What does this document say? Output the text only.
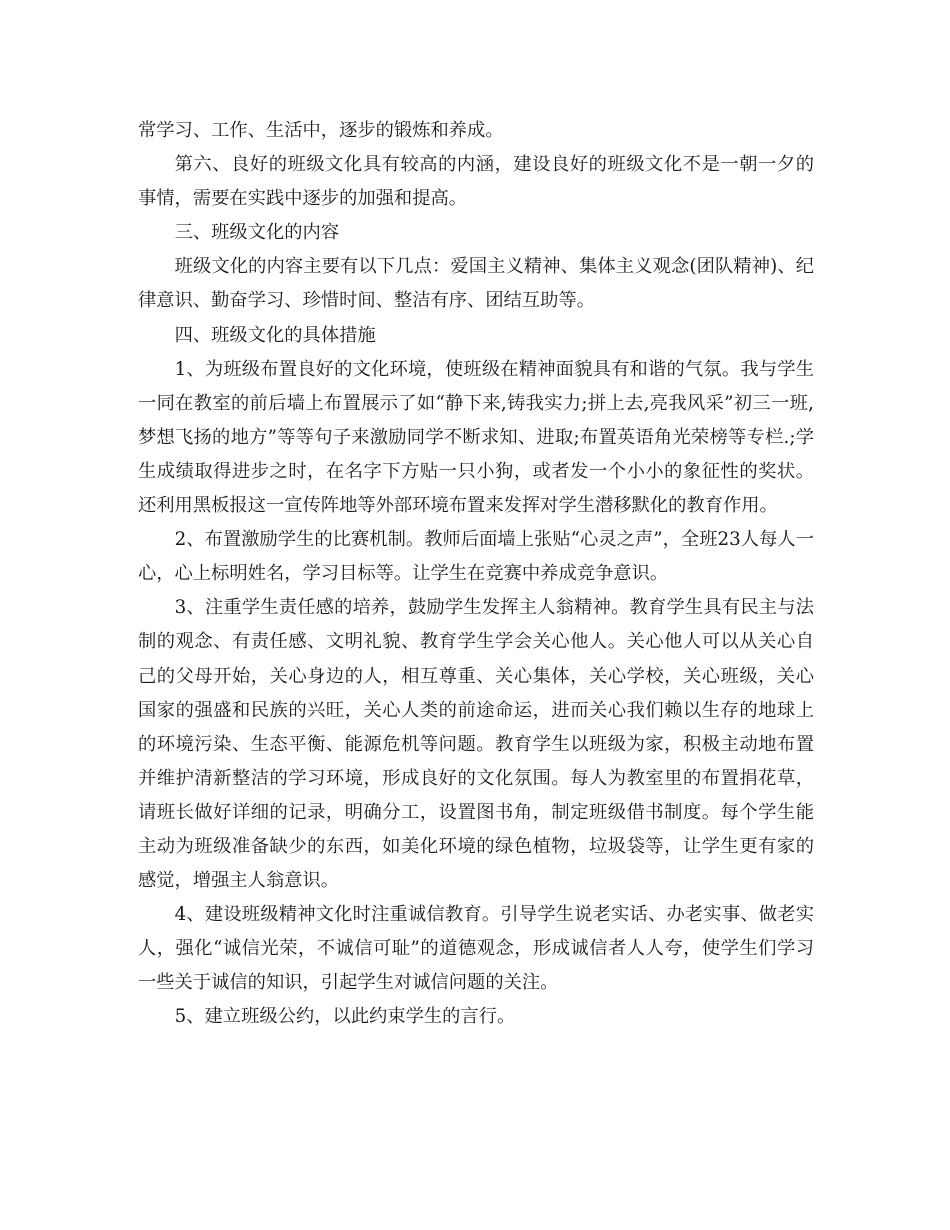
常学习、工作、生活中，逐步的锻炼和养成。

第六、良好的班级文化具有较高的内涵，建设良好的班级文化不是一朝一夕的事情，需要在实践中逐步的加强和提高。

三、班级文化的内容

班级文化的内容主要有以下几点：爱国主义精神、集体主义观念(团队精神)、纪律意识、勤奋学习、珍惜时间、整洁有序、团结互助等。

四、班级文化的具体措施

1、为班级布置良好的文化环境，使班级在精神面貌具有和谐的气氛。我与学生一同在教室的前后墙上布置展示了如“静下来,铸我实力;拼上去,亮我风采”初三一班,梦想飞扬的地方”等等句子来激励同学不断求知、进取;布置英语角光荣榜等专栏.;学生成绩取得进步之时，在名字下方贴一只小狗，或者发一个小小的象征性的奖状。还利用黑板报这一宣传阵地等外部环境布置来发挥对学生潜移默化的教育作用。

2、布置激励学生的比赛机制。教师后面墙上张贴“心灵之声”，全班23人每人一心，心上标明姓名，学习目标等。让学生在竞赛中养成竞争意识。

3、注重学生责任感的培养，鼓励学生发挥主人翁精神。教育学生具有民主与法制的观念、有责任感、文明礼貌、教育学生学会关心他人。关心他人可以从关心自己的父母开始，关心身边的人，相互尊重、关心集体，关心学校，关心班级，关心国家的强盛和民族的兴旺，关心人类的前途命运，进而关心我们赖以生存的地球上的环境污染、生态平衡、能源危机等问题。教育学生以班级为家，积极主动地布置并维护清新整洁的学习环境，形成良好的文化氛围。每人为教室里的布置捐花草，请班长做好详细的记录，明确分工，设置图书角，制定班级借书制度。每个学生能主动为班级准备缺少的东西，如美化环境的绿色植物，垃圾袋等，让学生更有家的感觉，增强主人翁意识。

4、建设班级精神文化时注重诚信教育。引导学生说老实话、办老实事、做老实人，强化“诚信光荣，不诚信可耻”的道德观念，形成诚信者人人夸，使学生们学习一些关于诚信的知识，引起学生对诚信问题的关注。

5、建立班级公约，以此约束学生的言行。
